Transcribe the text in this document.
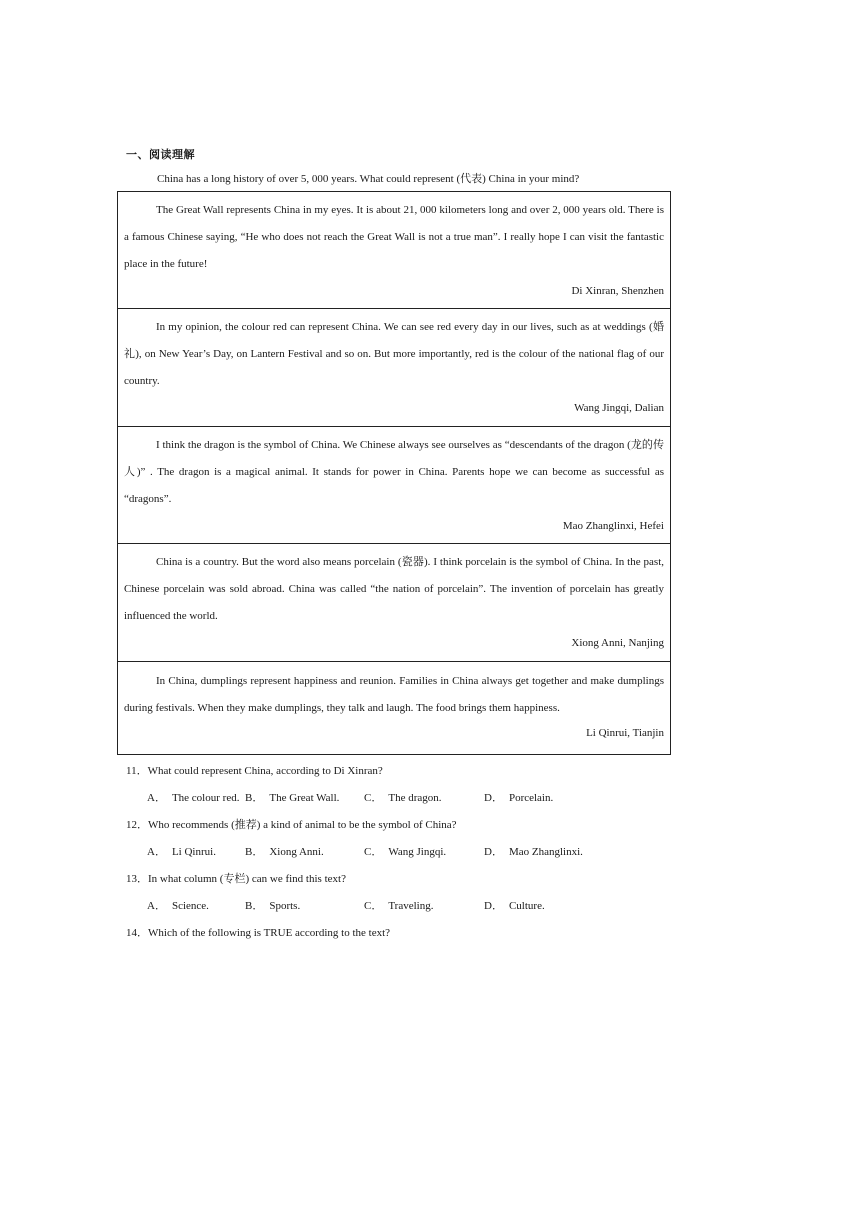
一、阅读理解
China has a long history of over 5, 000 years. What could represent (代表) China in your mind?

The Great Wall represents China in my eyes. It is about 21, 000 kilometers long and over 2, 000 years old. There is a famous Chinese saying, “He who does not reach the Great Wall is not a true man”. I really hope I can visit the fantastic place in the future!

Di Xinran, Shenzhen

In my opinion, the colour red can represent China. We can see red every day in our lives, such as at weddings (婚礼), on New Year’s Day, on Lantern Festival and so on. But more importantly, red is the colour of the national flag of our country.

Wang Jingqi, Dalian

I think the dragon is the symbol of China. We Chinese always see ourselves as “descendants of the dragon (龙的传人)” . The dragon is a magical animal. It stands for power in China. Parents hope we can become as successful as “dragons”.

Mao Zhanglinxi, Hefei

China is a country. But the word also means porcelain (瓷器). I think porcelain is the symbol of China. In the past, Chinese porcelain was sold abroad. China was called “the nation of porcelain”. The invention of porcelain has greatly influenced the world.

Xiong Anni, Nanjing

In China, dumplings represent happiness and reunion. Families in China always get together and make dumplings during festivals. When they make dumplings, they talk and laugh. The food brings them happiness.

Li Qinrui, Tianjin

11．What could represent China, according to Di Xinran?
A． The colour red. B． The Great Wall. C． The dragon.	D． Porcelain.
12．Who recommends (推荐) a kind of animal to be the symbol of China?
A． Li Qinrui.	B． Xiong Anni.	C． Wang Jingqi.	D． Mao Zhanglinxi.
13．In what column (专栏) can we find this text?
A． Science.	B． Sports.	C． Traveling.	D． Culture.
14．Which of the following is TRUE according to the text?
